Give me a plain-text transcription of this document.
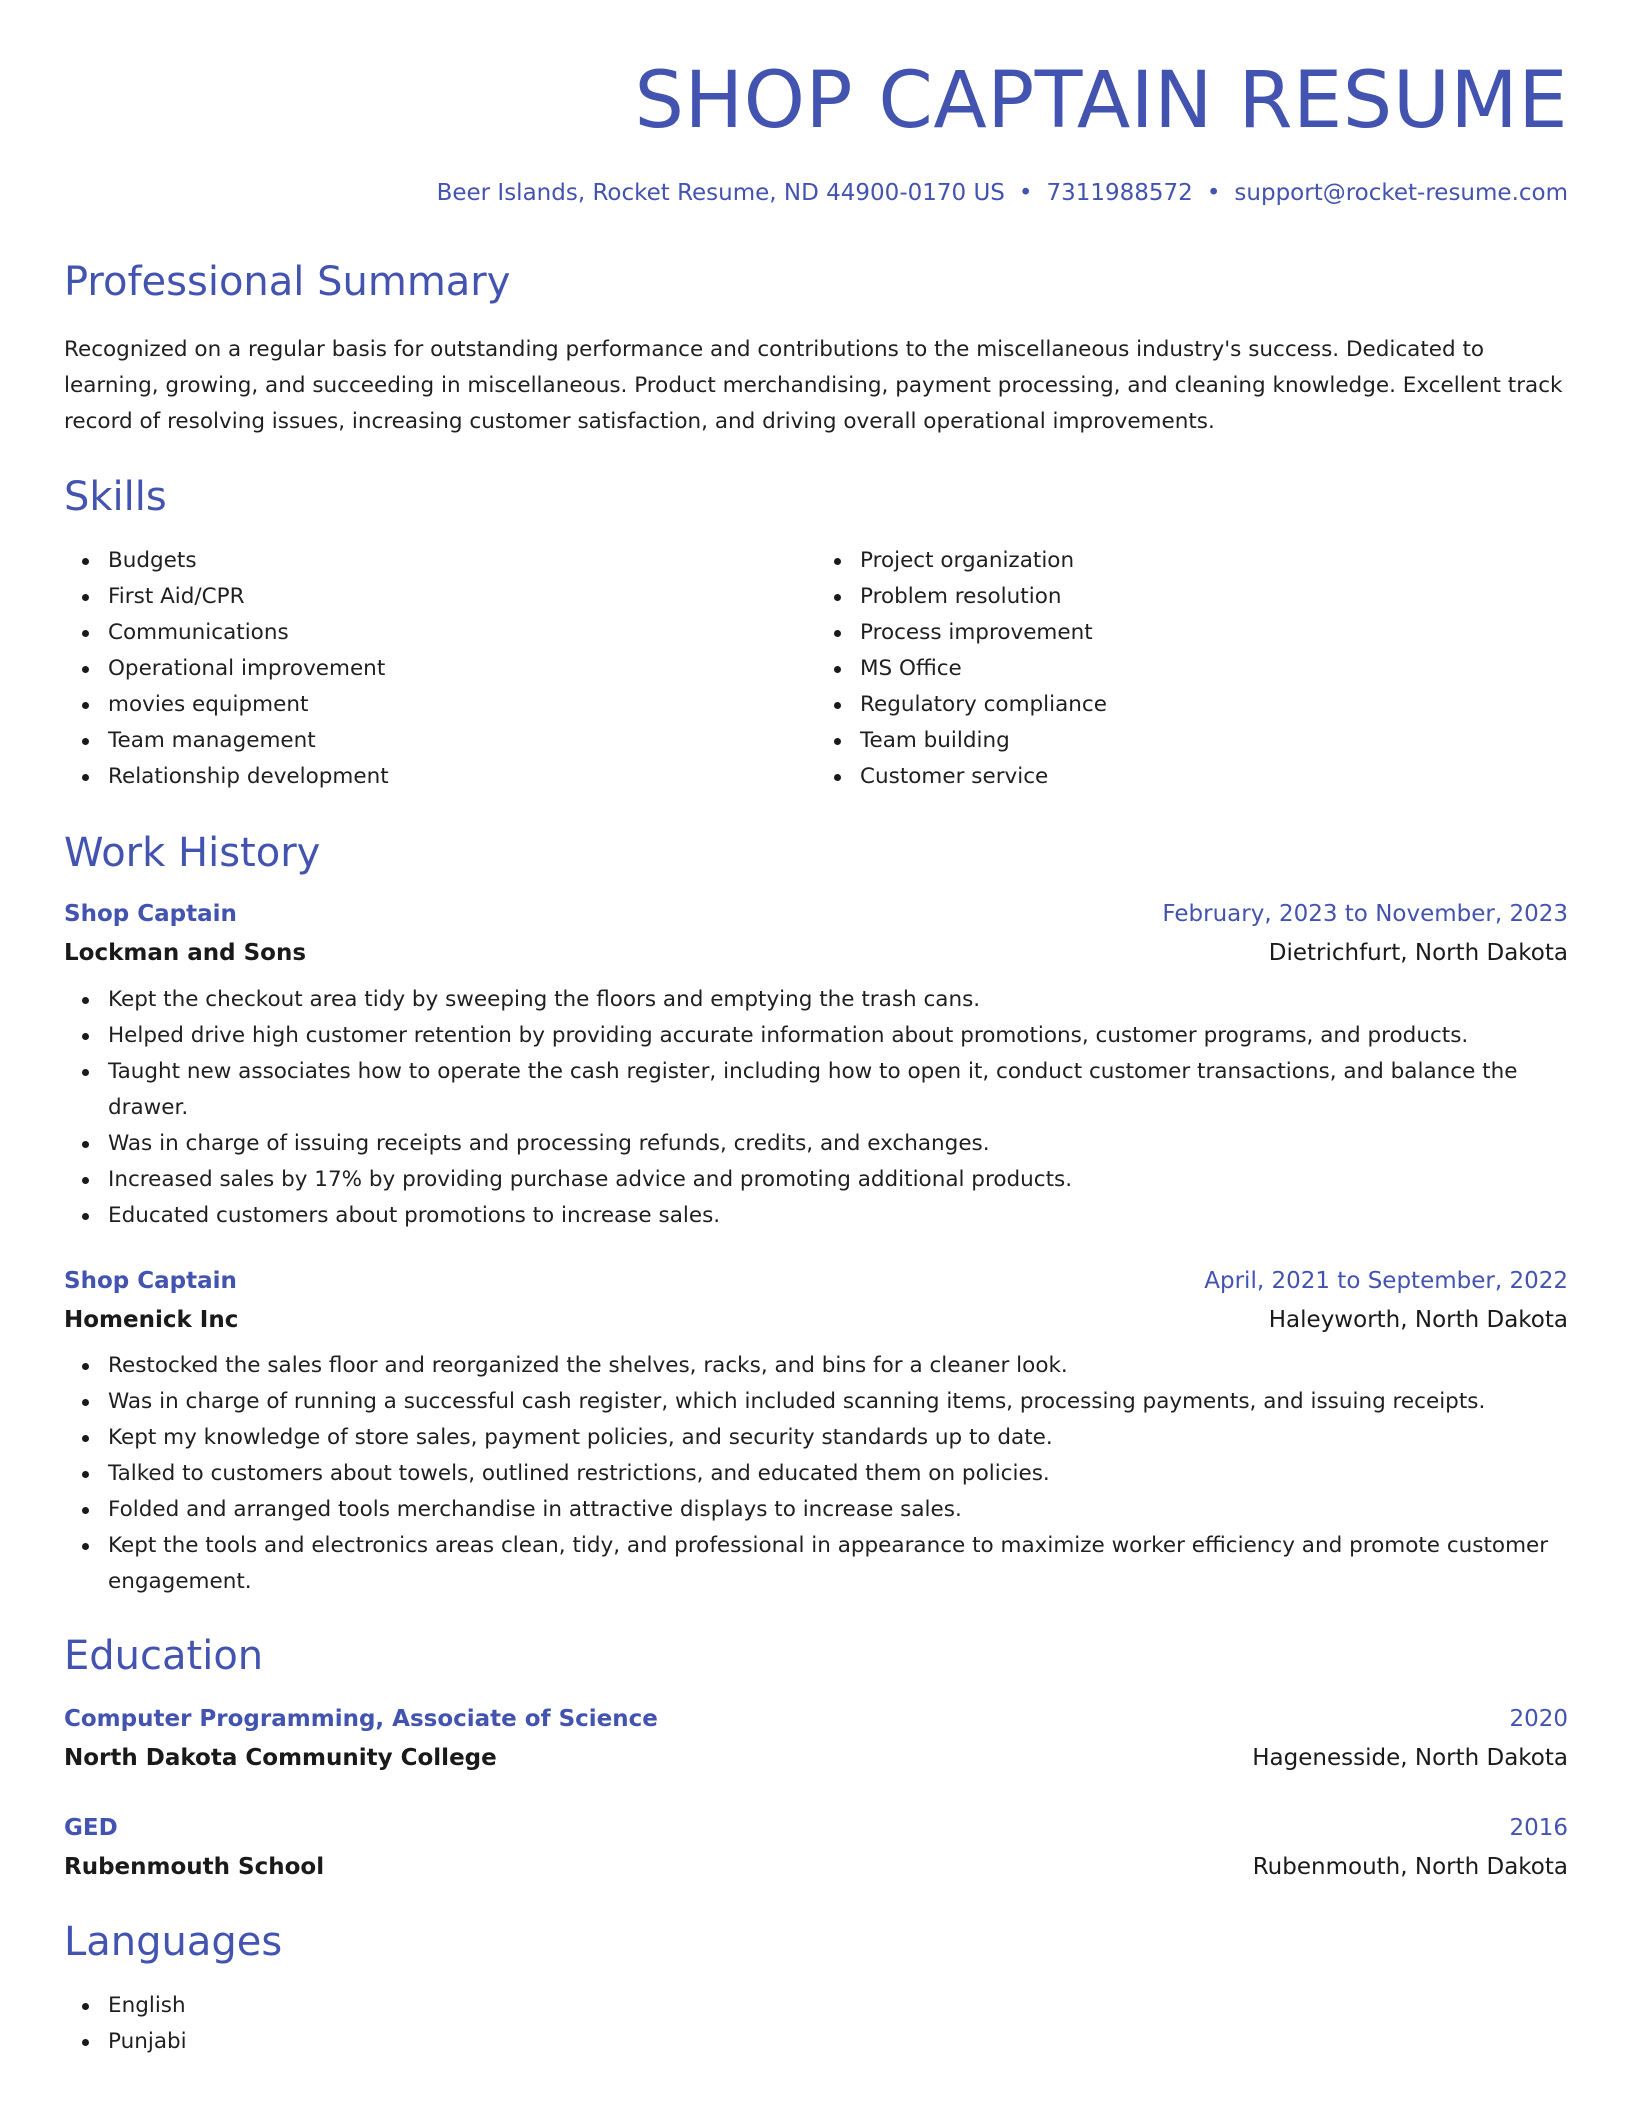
SHOP CAPTAIN RESUME
Beer Islands, Rocket Resume, ND 44900-0170 US • 7311988572 • support@rocket-resume.com
Professional Summary
Recognized on a regular basis for outstanding performance and contributions to the miscellaneous industry's success. Dedicated to learning, growing, and succeeding in miscellaneous. Product merchandising, payment processing, and cleaning knowledge. Excellent track record of resolving issues, increasing customer satisfaction, and driving overall operational improvements.
Skills
Budgets
First Aid/CPR
Communications
Operational improvement
movies equipment
Team management
Relationship development
Project organization
Problem resolution
Process improvement
MS Office
Regulatory compliance
Team building
Customer service
Work History
Shop Captain	February, 2023 to November, 2023
Lockman and Sons	Dietrichfurt, North Dakota
Kept the checkout area tidy by sweeping the floors and emptying the trash cans.
Helped drive high customer retention by providing accurate information about promotions, customer programs, and products.
Taught new associates how to operate the cash register, including how to open it, conduct customer transactions, and balance the drawer.
Was in charge of issuing receipts and processing refunds, credits, and exchanges.
Increased sales by 17% by providing purchase advice and promoting additional products.
Educated customers about promotions to increase sales.
Shop Captain	April, 2021 to September, 2022
Homenick Inc	Haleyworth, North Dakota
Restocked the sales floor and reorganized the shelves, racks, and bins for a cleaner look.
Was in charge of running a successful cash register, which included scanning items, processing payments, and issuing receipts.
Kept my knowledge of store sales, payment policies, and security standards up to date.
Talked to customers about towels, outlined restrictions, and educated them on policies.
Folded and arranged tools merchandise in attractive displays to increase sales.
Kept the tools and electronics areas clean, tidy, and professional in appearance to maximize worker efficiency and promote customer engagement.
Education
Computer Programming, Associate of Science	2020
North Dakota Community College	Hagenesside, North Dakota
GED	2016
Rubenmouth School	Rubenmouth, North Dakota
Languages
English
Punjabi
